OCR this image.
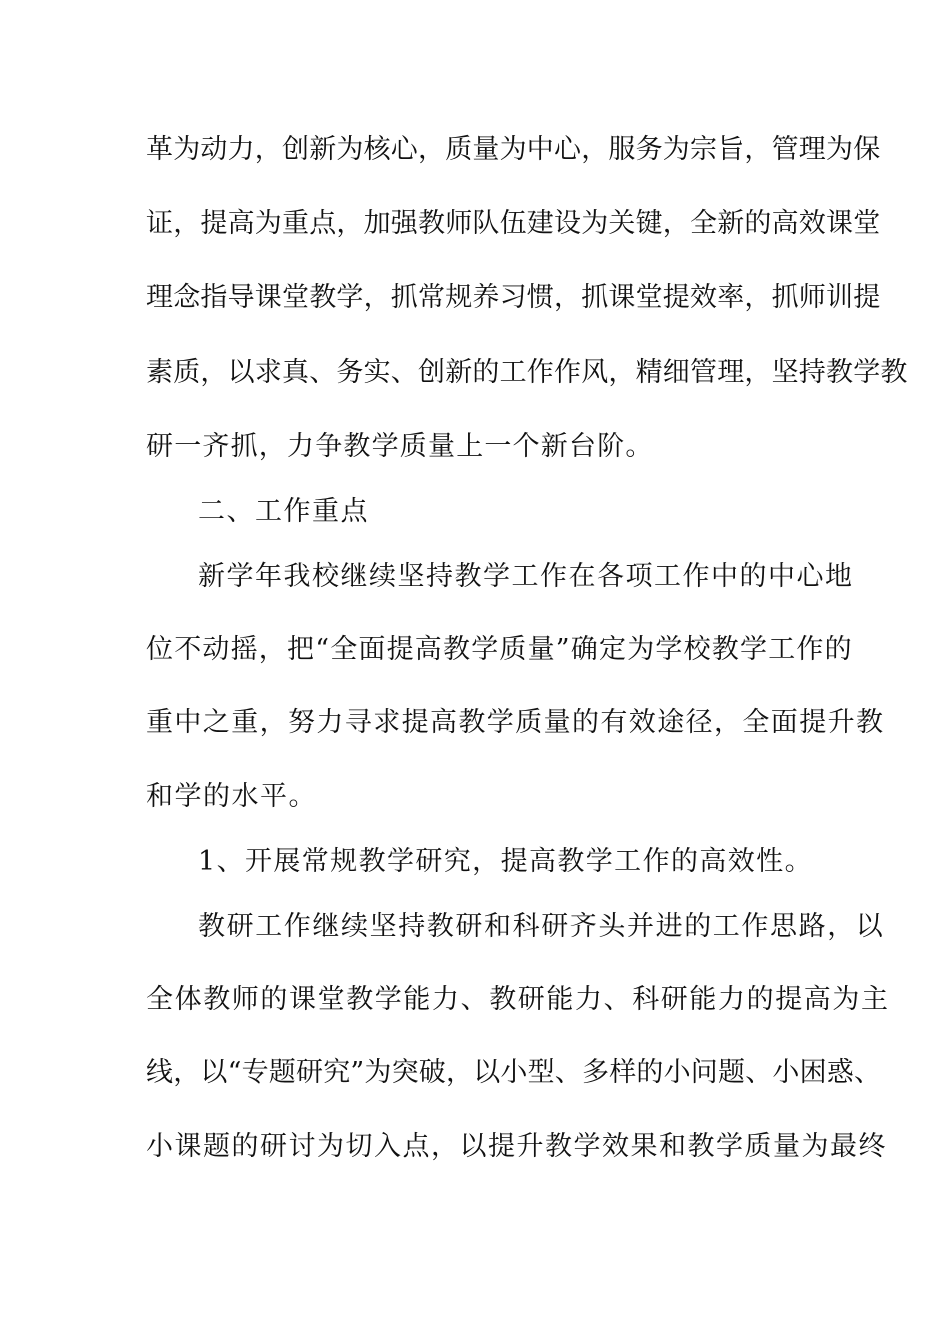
革为动力，创新为核心，质量为中心，服务为宗旨，管理为保
证，提高为重点，加强教师队伍建设为关键，全新的高效课堂
理念指导课堂教学，抓常规养习惯，抓课堂提效率，抓师训提
素质，以求真、务实、创新的工作作风，精细管理，坚持教学教
研一齐抓，力争教学质量上一个新台阶。
二、工作重点
新学年我校继续坚持教学工作在各项工作中的中心地
位不动摇，把“全面提高教学质量”确定为学校教学工作的
重中之重，努力寻求提高教学质量的有效途径，全面提升教
和学的水平。
1、开展常规教学研究，提高教学工作的高效性。
教研工作继续坚持教研和科研齐头并进的工作思路，以
全体教师的课堂教学能力、教研能力、科研能力的提高为主
线，以“专题研究”为突破，以小型、多样的小问题、小困惑、
小课题的研讨为切入点，以提升教学效果和教学质量为最终
